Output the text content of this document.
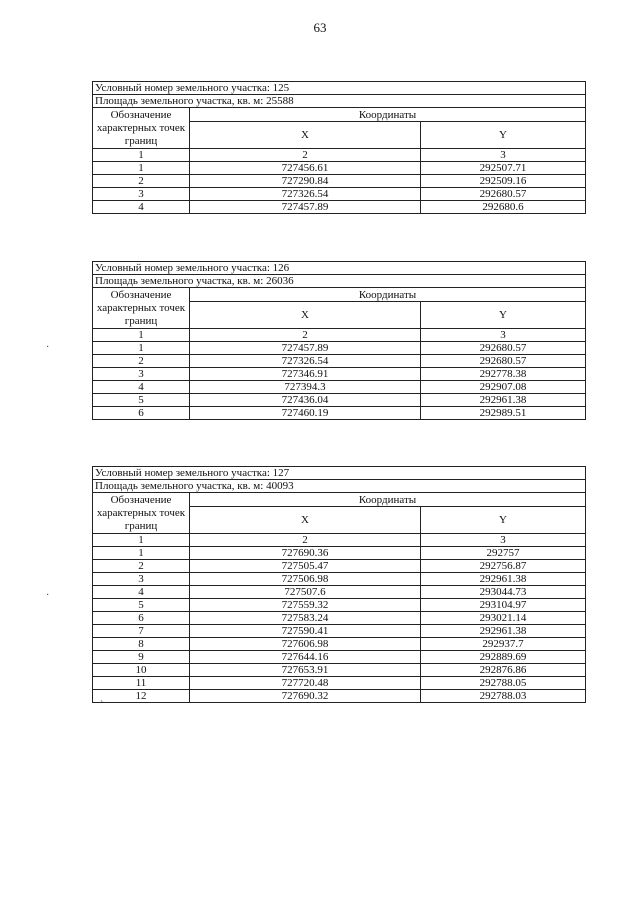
63
Условный номер земельного участка: 125		
Площадь земельного участка, кв. м: 25588		
Обозначение характерных точек границ	Координаты	
	X	Y
1	2	3
1	727456.61	292507.71
2	727290.84	292509.16
3	727326.54	292680.57
4	727457.89	292680.6
Условный номер земельного участка: 126		
Площадь земельного участка, кв. м: 26036		
Обозначение характерных точек границ	Координаты	
	X	Y
1	2	3
1	727457.89	292680.57
2	727326.54	292680.57
3	727346.91	292778.38
4	727394.3	292907.08
5	727436.04	292961.38
6	727460.19	292989.51
Условный номер земельного участка: 127		
Площадь земельного участка, кв. м: 40093		
Обозначение характерных точек границ	Координаты	
	X	Y
1	2	3
1	727690.36	292757
2	727505.47	292756.87
3	727506.98	292961.38
4	727507.6	293044.73
5	727559.32	293104.97
6	727583.24	293021.14
7	727590.41	292961.38
8	727606.98	292937.7
9	727644.16	292889.69
10	727653.91	292876.86
11	727720.48	292788.05
12	727690.32	292788.03
·
·
`
